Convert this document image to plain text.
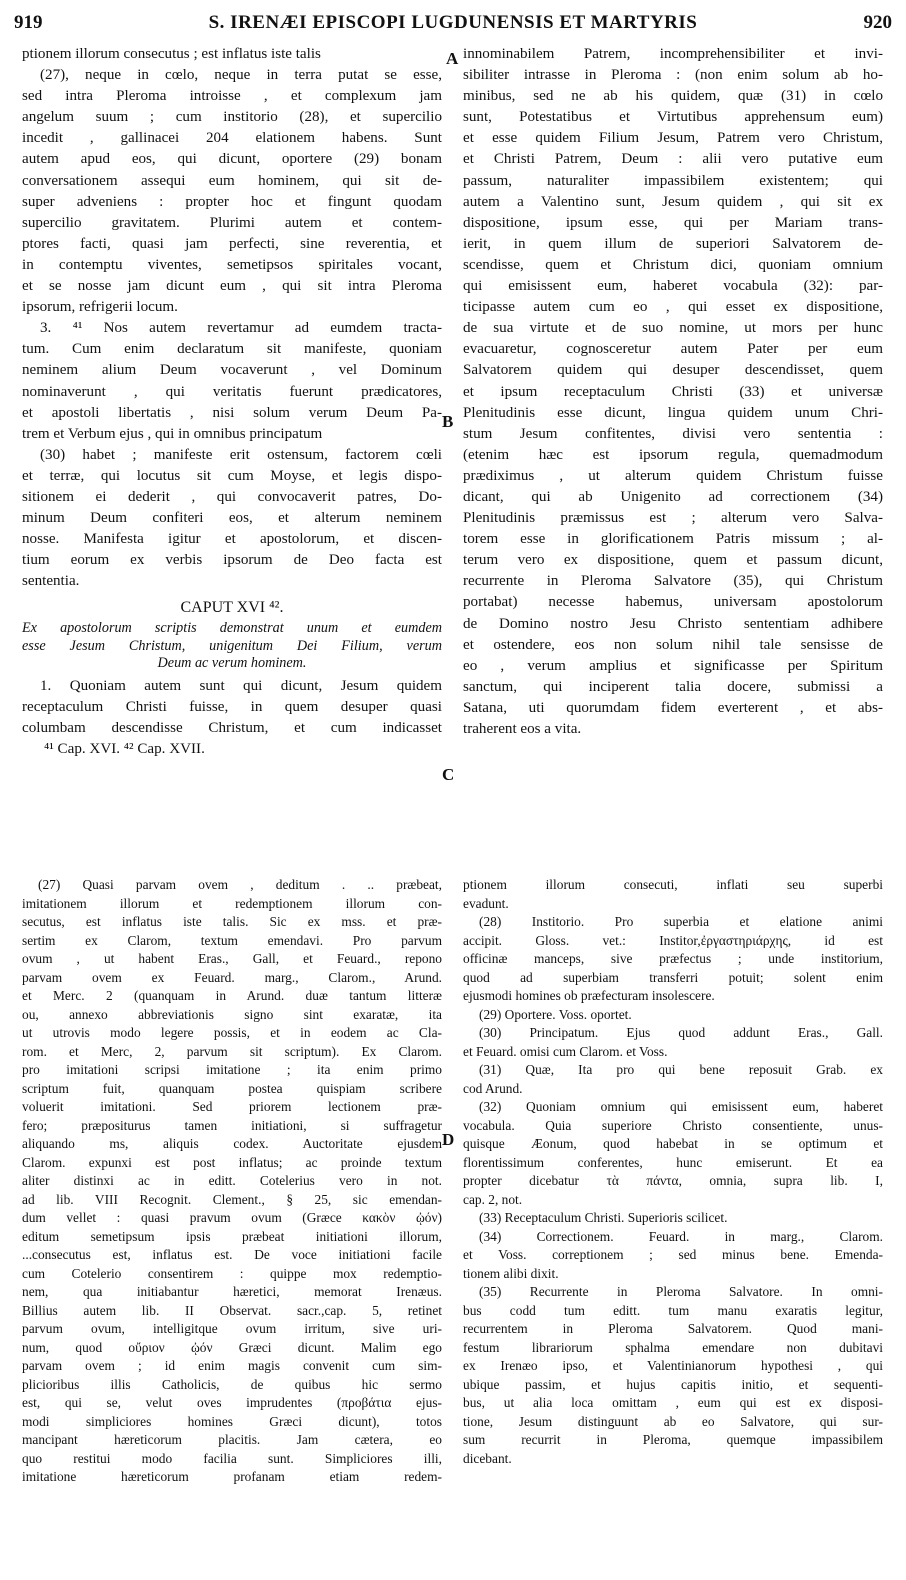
919	S. IRENÆI EPISCOPI LUGDUNENSIS ET MARTYRIS	920
A
B
C
D
ptionem illorum consecutus ; est inflatus iste talis
(27), neque in cœlo, neque in terra putat se esse,
sed intra Pleroma introisse , et complexum jam
angelum suum ; cum institorio (28), et supercilio
incedit , gallinacei 204 elationem habens. Sunt
autem apud eos, qui dicunt, oportere (29) bonam
conversationem assequi eum hominem, qui sit de-
super adveniens : propter hoc et fingunt quodam
supercilio gravitatem. Plurimi autem et contem-
ptores facti, quasi jam perfecti, sine reverentia, et
in contemptu viventes, semetipsos spiritales vocant,
et se nosse jam dicunt eum , qui sit intra Pleroma
ipsorum, refrigerii locum.
3. ⁴¹ Nos autem revertamur ad eumdem tracta-
tum. Cum enim declaratum sit manifeste, quoniam
neminem alium Deum vocaverunt , vel Dominum
nominaverunt , qui veritatis fuerunt prædicatores,
et apostoli libertatis , nisi solum verum Deum Pa-
trem et Verbum ejus , qui in omnibus principatum
(30) habet ; manifeste erit ostensum, factorem cœli
et terræ, qui locutus sit cum Moyse, et legis dispo-
sitionem ei dederit , qui convocaverit patres, Do-
minum Deum confiteri eos, et alterum neminem
nosse. Manifesta igitur et apostolorum, et discen-
tium eorum ex verbis ipsorum de Deo facta est
sententia.
CAPUT XVI ⁴².
Ex apostolorum scriptis demonstrat unum et eumdem
esse Jesum Christum, unigenitum Dei Filium, verum
Deum ac verum hominem.
1. Quoniam autem sunt qui dicunt, Jesum quidem
receptaculum Christi fuisse, in quem desuper quasi
columbam descendisse Christum, et cum indicasset
⁴¹ Cap. XVI. ⁴² Cap. XVII.
innominabilem Patrem, incomprehensibiliter et invi-
sibiliter intrasse in Pleroma : (non enim solum ab ho-
minibus, sed ne ab his quidem, quæ (31) in cœlo
sunt, Potestatibus et Virtutibus apprehensum eum)
et esse quidem Filium Jesum, Patrem vero Christum,
et Christi Patrem, Deum : alii vero putative eum
passum, naturaliter impassibilem existentem; qui
autem a Valentino sunt, Jesum quidem , qui sit ex
dispositione, ipsum esse, qui per Mariam trans-
ierit, in quem illum de superiori Salvatorem de-
scendisse, quem et Christum dici, quoniam omnium
qui emisissent eum, haberet vocabula (32): par-
ticipasse autem cum eo , qui esset ex dispositione,
de sua virtute et de suo nomine, ut mors per hunc
evacuaretur, cognosceretur autem Pater per eum
Salvatorem quidem qui desuper descendisset, quem
et ipsum receptaculum Christi (33) et universæ
Plenitudinis esse dicunt, lingua quidem unum Chri-
stum Jesum confitentes, divisi vero sententia :
(etenim hæc est ipsorum regula, quemadmodum
prædiximus , ut alterum quidem Christum fuisse
dicant, qui ab Unigenito ad correctionem (34)
Plenitudinis præmissus est ; alterum vero Salva-
torem esse in glorificationem Patris missum ; al-
terum vero ex dispositione, quem et passum dicunt,
recurrente in Pleroma Salvatore (35), qui Christum
portabat) necesse habemus, universam apostolorum
de Domino nostro Jesu Christo sententiam adhibere
et ostendere, eos non solum nihil tale sensisse de
eo , verum amplius et significasse per Spiritum
sanctum, qui inciperent talia docere, submissi a
Satana, uti quorumdam fidem everterent , et abs-
traherent eos a vita.
(27) Quasi parvam ovem , deditum . .. præbeat,
imitationem illorum et redemptionem illorum con-
secutus, est inflatus iste talis. Sic ex mss. et præ-
sertim ex Clarom, textum emendavi. Pro parvum
ovum , ut habent Eras., Gall, et Feuard., repono
parvam ovem ex Feuard. marg., Clarom., Arund.
et Merc. 2 (quanquam in Arund. duæ tantum litteræ
ou, annexo abbreviationis signo sint exaratæ, ita
ut utrovis modo legere possis, et in eodem ac Cla-
rom. et Merc, 2, parvum sit scriptum). Ex Clarom.
pro imitationi scripsi imitatione ; ita enim primo
scriptum fuit, quanquam postea quispiam scribere
voluerit imitationi. Sed priorem lectionem præ-
fero; præpositurus tamen initiationi, si suffragetur
aliquando ms, aliquis codex. Auctoritate ejusdem
Clarom. expunxi est post inflatus; ac proinde textum
aliter distinxi ac in editt. Cotelerius vero in not.
ad lib. VIII Recognit. Clement., § 25, sic emendan-
dum vellet : quasi pravum ovum (Græce κακὸν ᾠόν)
editum semetipsum ipsis præbeat initiationi illorum,
...consecutus est, inflatus est. De voce initiationi facile
cum Cotelerio consentirem : quippe mox redemptio-
nem, qua initiabantur hæretici, memorat Irenæus.
Billius autem lib. II Observat. sacr.,cap. 5, retinet
parvum ovum, intelligitque ovum irritum, sive uri-
num, quod οὔριον ᾠόν Græci dicunt. Malim ego
parvam ovem ; id enim magis convenit cum sim-
plicioribus illis Catholicis, de quibus hic sermo
est, qui se, velut oves imprudentes (προβάτια ejus-
modi simpliciores homines Græci dicunt), totos
mancipant hæreticorum placitis. Jam cætera, eo
quo restitui modo facilia sunt. Simpliciores illi,
imitatione hæreticorum profanam etiam redem-
ptionem illorum consecuti, inflati seu superbi
evadunt.
(28) Institorio. Pro superbia et elatione animi
accipit. Gloss. vet.: Institor,ἐργαστηριάρχης, id est
officinæ manceps, sive præfectus ; unde institorium,
quod ad superbiam transferri potuit; solent enim
ejusmodi homines ob præfecturam insolescere.
(29) Oportere. Voss. oportet.
(30) Principatum. Ejus quod addunt Eras., Gall.
et Feuard. omisi cum Clarom. et Voss.
(31) Quæ, Ita pro qui bene reposuit Grab. ex
cod Arund.
(32) Quoniam omnium qui emisissent eum, haberet
vocabula. Quia superiore Christo consentiente, unus-
quisque Æonum, quod habebat in se optimum et
florentissimum conferentes, hunc emiserunt. Et ea
propter dicebatur τὰ πάντα, omnia, supra lib. I,
cap. 2, not.
(33) Receptaculum Christi. Superioris scilicet.
(34) Correctionem. Feuard. in marg., Clarom.
et Voss. correptionem ; sed minus bene. Emenda-
tionem alibi dixit.
(35) Recurrente in Pleroma Salvatore. In omni-
bus codd tum editt. tum manu exaratis legitur,
recurrentem in Pleroma Salvatorem. Quod mani-
festum librariorum sphalma emendare non dubitavi
ex Irenæo ipso, et Valentinianorum hypothesi , qui
ubique passim, et hujus capitis initio, et sequenti-
bus, ut alia loca omittam , eum qui est ex disposi-
tione, Jesum distinguunt ab eo Salvatore, qui sur-
sum recurrit in Pleroma, quemque impassibilem
dicebant.
